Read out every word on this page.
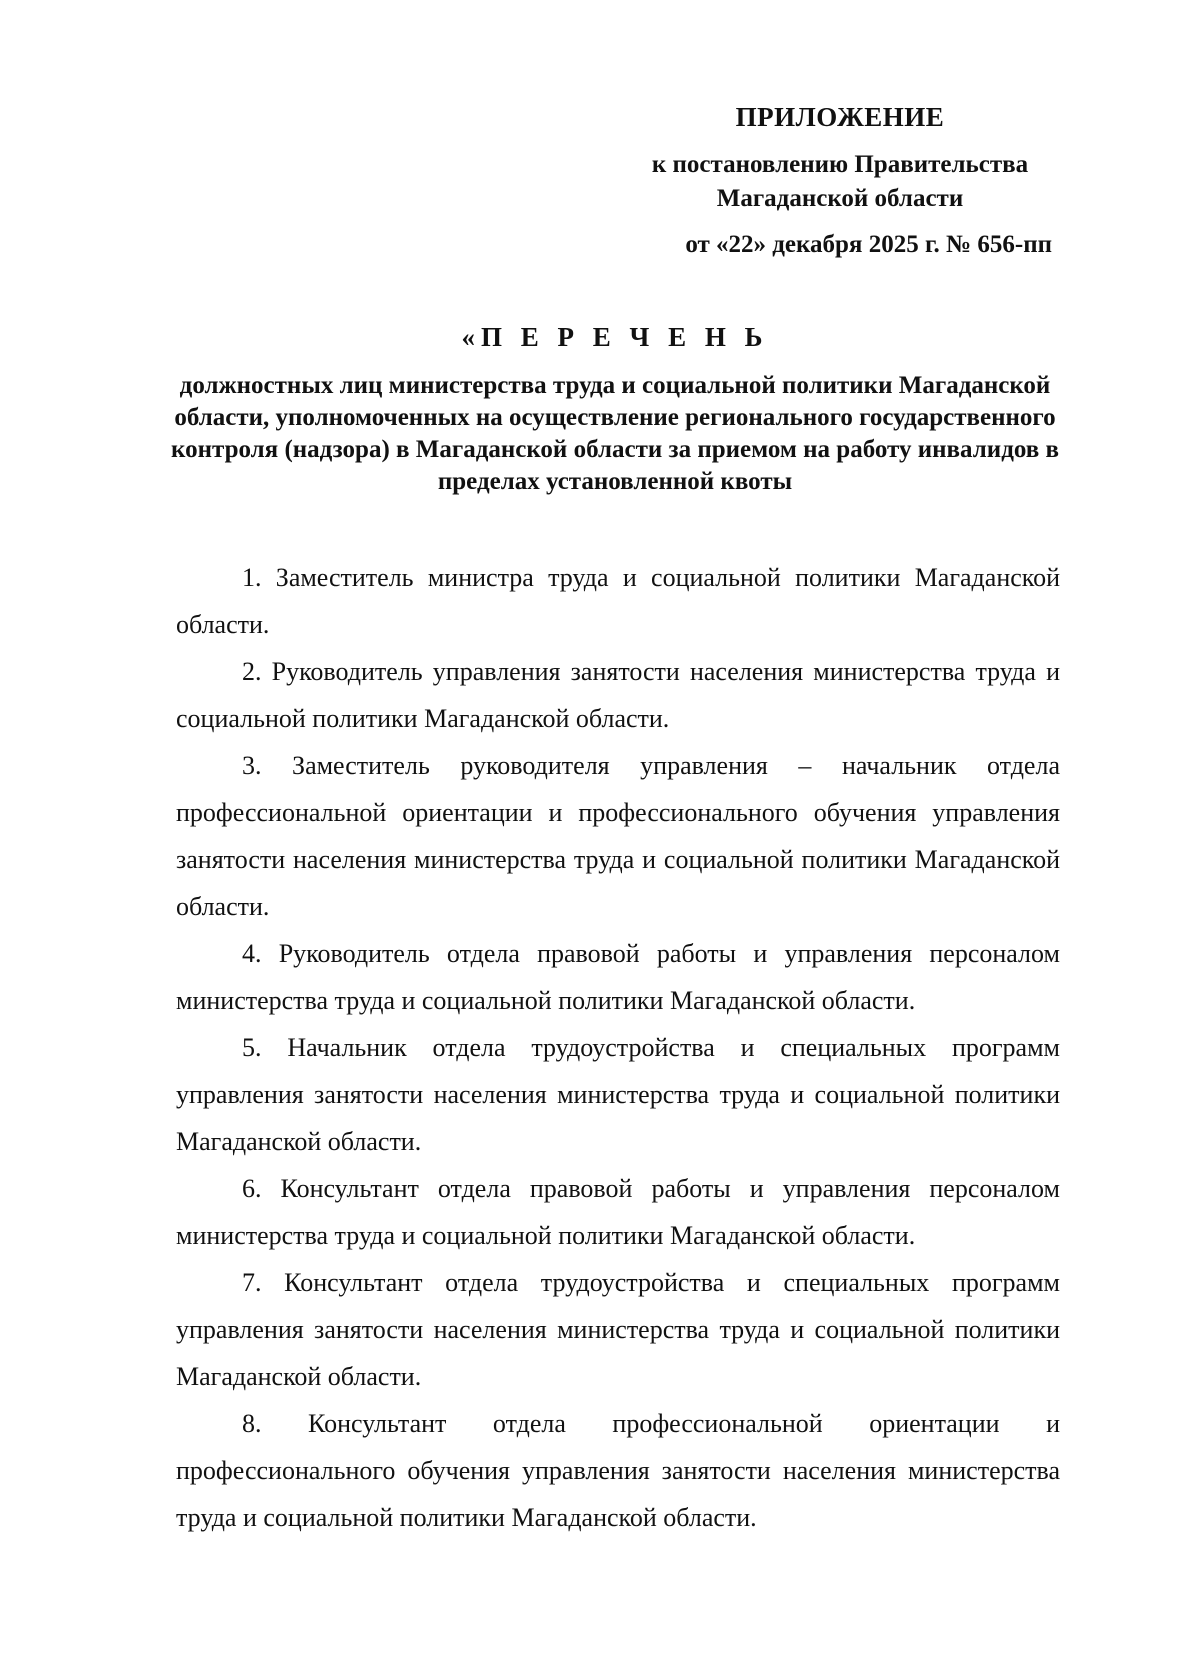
ПРИЛОЖЕНИЕ
к постановлению Правительства Магаданской области
от «22» декабря 2025 г. № 656-пп
«П Е Р Е Ч Е Н Ь
должностных лиц министерства труда и социальной политики Магаданской области, уполномоченных на осуществление регионального государственного контроля (надзора) в Магаданской области за приемом на работу инвалидов в пределах установленной квоты

1. Заместитель министра труда и социальной политики Магаданской области.

2. Руководитель управления занятости населения министерства труда и социальной политики Магаданской области.

3. Заместитель руководителя управления – начальник отдела профессиональной ориентации и профессионального обучения управления занятости населения министерства труда и социальной политики Магаданской области.

4. Руководитель отдела правовой работы и управления персоналом министерства труда и социальной политики Магаданской области.

5. Начальник отдела трудоустройства и специальных программ управления занятости населения министерства труда и социальной политики Магаданской области.

6. Консультант отдела правовой работы и управления персоналом министерства труда и социальной политики Магаданской области.

7. Консультант отдела трудоустройства и специальных программ управления занятости населения министерства труда и социальной политики Магаданской области.

8. Консультант отдела профессиональной ориентации и профессионального обучения управления занятости населения министерства труда и социальной политики Магаданской области.
